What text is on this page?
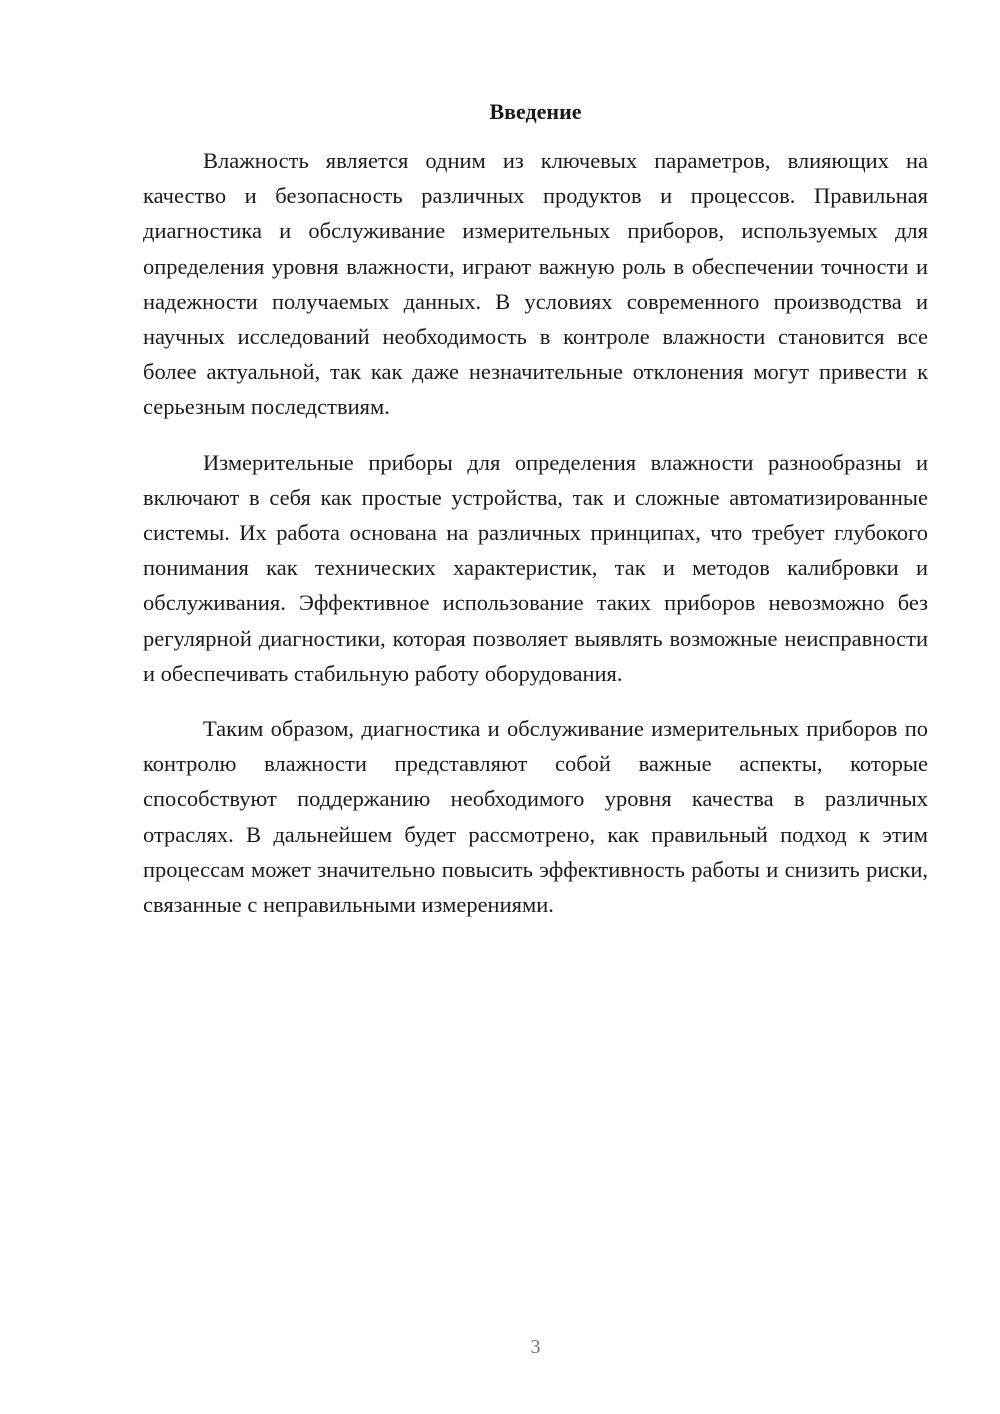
Введение

Влажность является одним из ключевых параметров, влияющих на качество и безопасность различных продуктов и процессов. Правильная диагностика и обслуживание измерительных приборов, используемых для определения уровня влажности, играют важную роль в обеспечении точности и надежности получаемых данных. В условиях современного производства и научных исследований необходимость в контроле влажности становится все более актуальной, так как даже незначительные отклонения могут привести к серьезным последствиям.

Измерительные приборы для определения влажности разнообразны и включают в себя как простые устройства, так и сложные автоматизированные системы. Их работа основана на различных принципах, что требует глубокого понимания как технических характеристик, так и методов калибровки и обслуживания. Эффективное использование таких приборов невозможно без регулярной диагностики, которая позволяет выявлять возможные неисправности и обеспечивать стабильную работу оборудования.

Таким образом, диагностика и обслуживание измерительных приборов по контролю влажности представляют собой важные аспекты, которые способствуют поддержанию необходимого уровня качества в различных отраслях. В дальнейшем будет рассмотрено, как правильный подход к этим процессам может значительно повысить эффективность работы и снизить риски, связанные с неправильными измерениями.

3
